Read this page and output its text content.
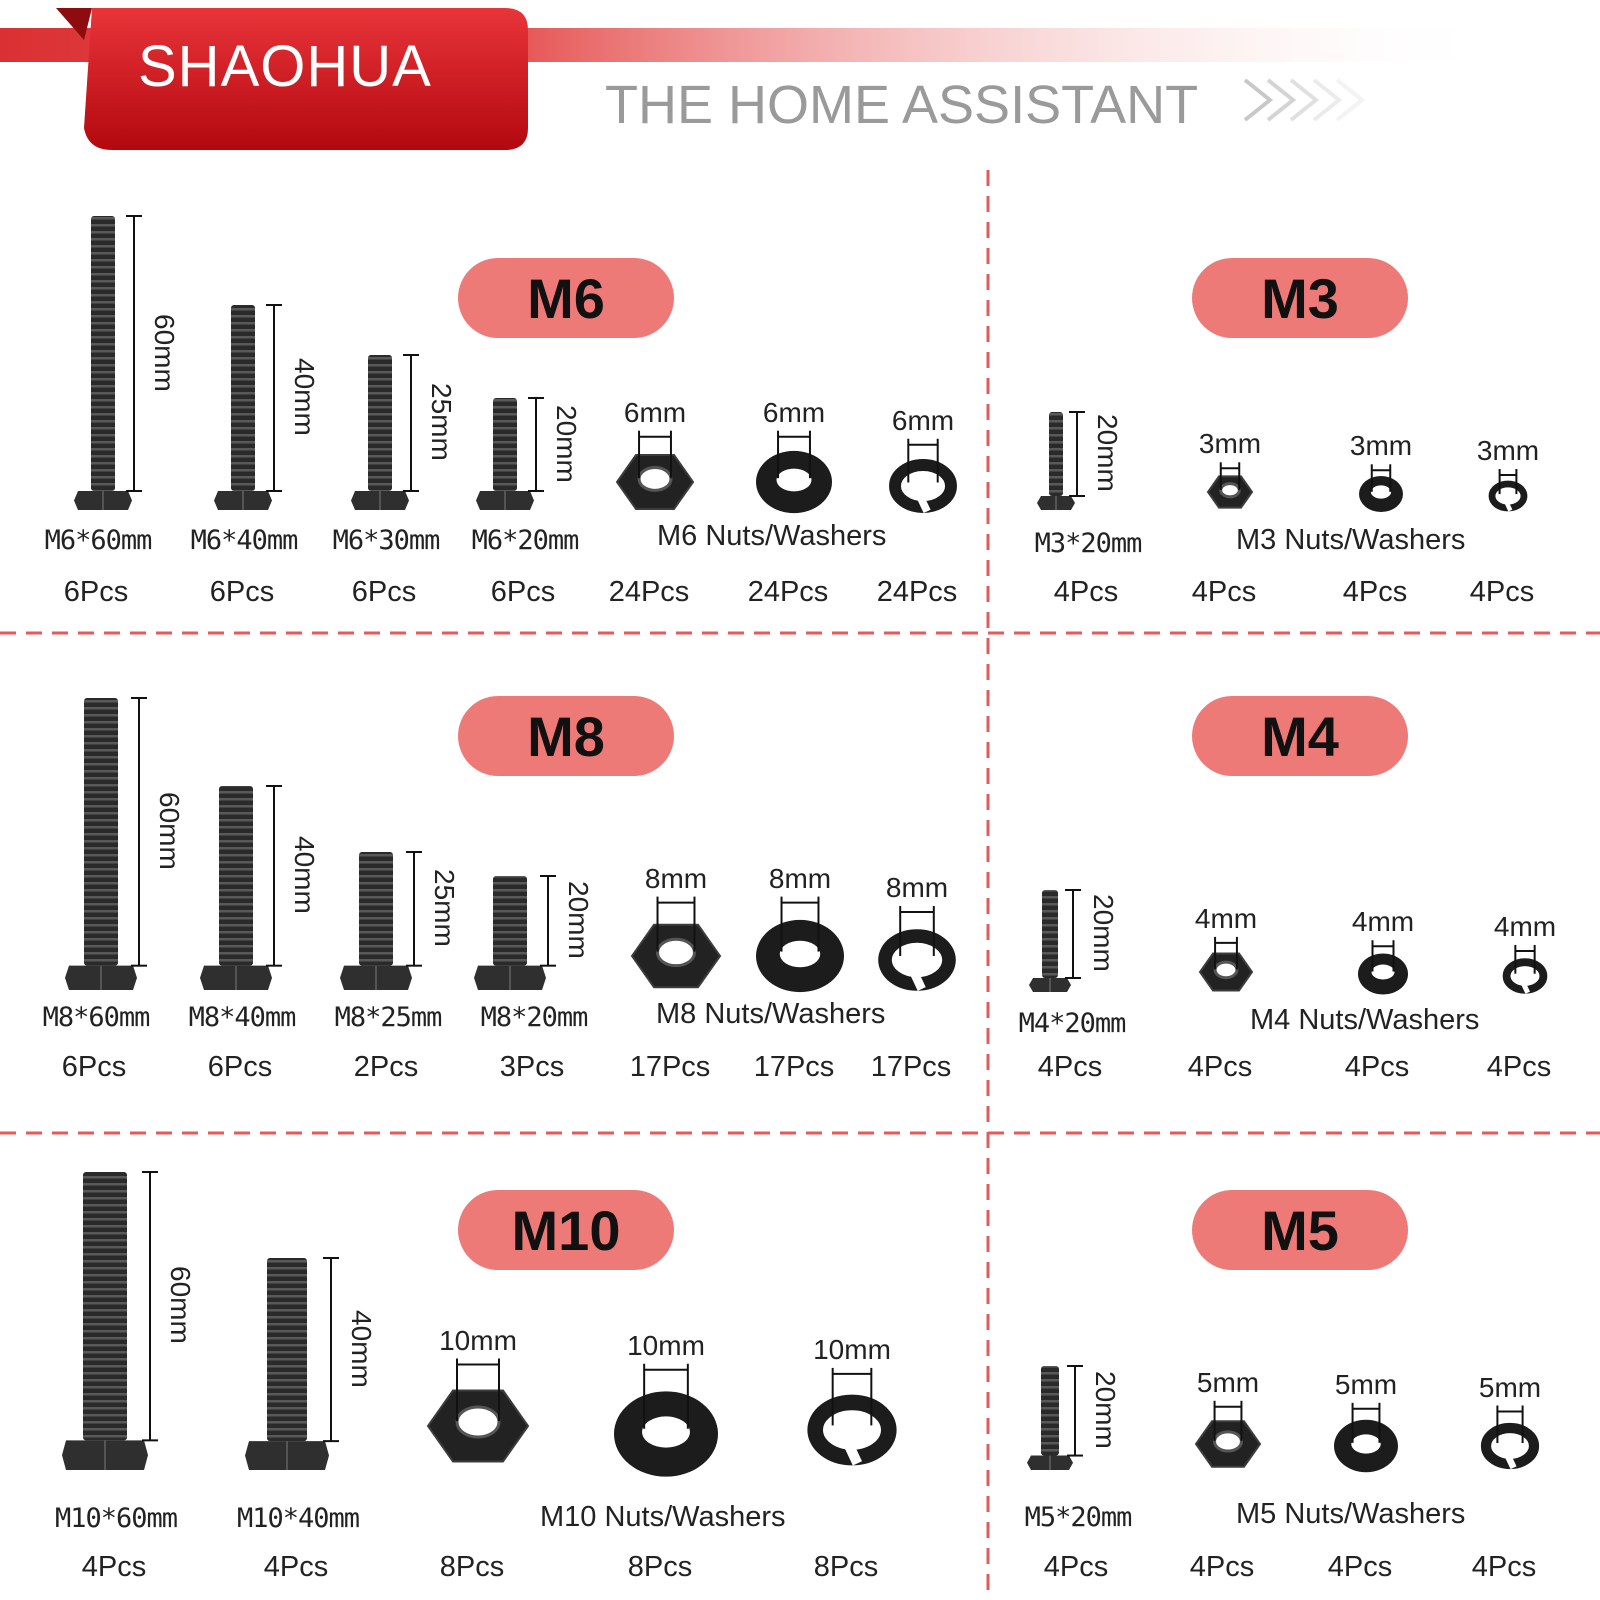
SHAOHUA
THE HOME ASSISTANT
M6
60mm
M6*60mm
6Pcs
40mm
M6*40mm
6Pcs
25mm
M6*30mm
6Pcs
20mm
M6*20mm
6Pcs
6mm
24Pcs
6mm
24Pcs
6mm
24Pcs
M6 Nuts/Washers
M3
20mm
M3*20mm
4Pcs
3mm
4Pcs
3mm
4Pcs
3mm
4Pcs
M3 Nuts/Washers
M8
60mm
M8*60mm
6Pcs
40mm
M8*40mm
6Pcs
25mm
M8*25mm
2Pcs
20mm
M8*20mm
3Pcs
8mm
17Pcs
8mm
17Pcs
8mm
17Pcs
M8 Nuts/Washers
M4
20mm
M4*20mm
4Pcs
4mm
4Pcs
4mm
4Pcs
4mm
4Pcs
M4 Nuts/Washers
M10
60mm
M10*60mm
4Pcs
40mm
M10*40mm
4Pcs
10mm
8Pcs
10mm
8Pcs
10mm
8Pcs
M10 Nuts/Washers
M5
20mm
M5*20mm
4Pcs
5mm
4Pcs
5mm
4Pcs
5mm
4Pcs
M5 Nuts/Washers
